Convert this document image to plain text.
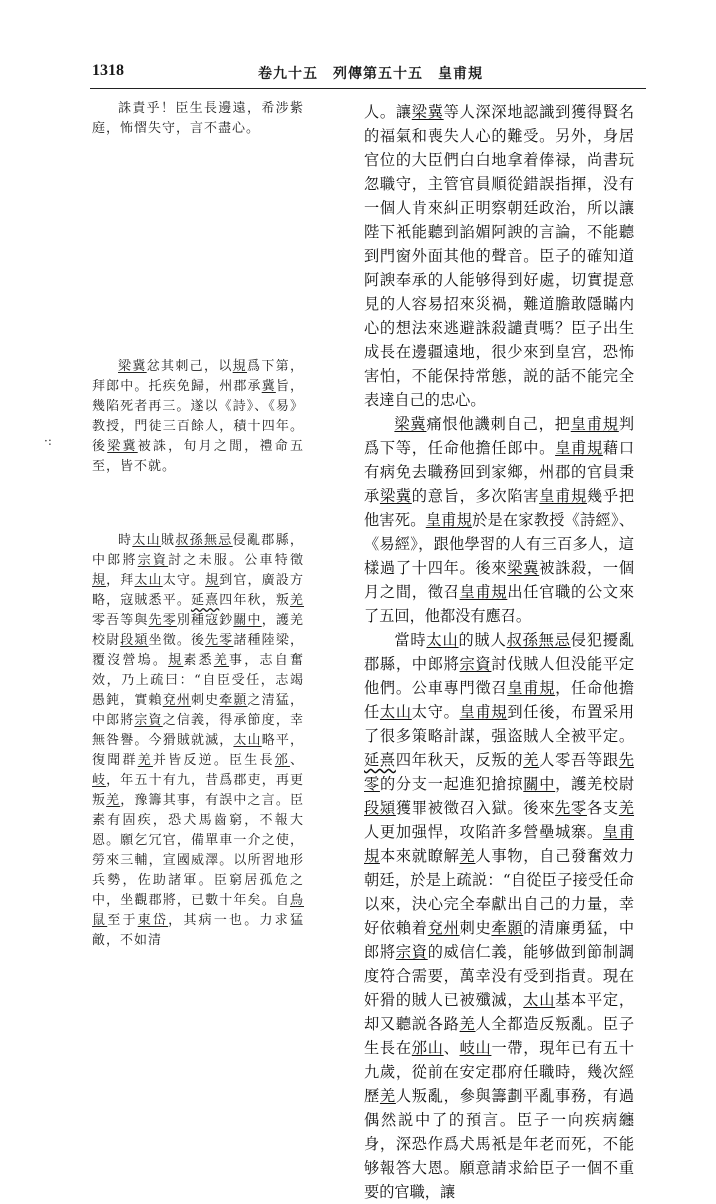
1318	卷九十五　列傳第五十五　皇甫規
·:

誅責乎！臣生長邊遠，希涉紫庭，怖慴失守，言不盡心。

梁冀忿其刺己，以規爲下第，拜郎中。托疾免歸，州郡承冀旨，幾陷死者再三。遂以《詩》、《易》教授，門徒三百餘人，積十四年。後梁冀被誅，旬月之閒，禮命五至，皆不就。

時太山賊叔孫無忌侵亂郡縣，中郎將宗資討之未服。公車特徵規，拜太山太守。規到官，廣設方略，寇賊悉平。延熹四年秋，叛羌零吾等與先零別種寇鈔關中，護羌校尉段熲坐徵。後先零諸種陸梁，覆沒營塢。規素悉羌事，志自奮效，乃上疏曰：“自臣受任，志竭愚鈍，實賴兗州刺史牽顥之清猛，中郎將宗資之信義，得承節度，幸無咎譽。今猾賊就滅，太山略平，復聞群羌并皆反逆。臣生長邠、岐，年五十有九，昔爲郡吏，再更叛羌，豫籌其事，有誤中之言。臣素有固疾，恐犬馬齒窮，不報大恩。願乞冗官，備單車一介之使，勞來三輔，宣國威澤。以所習地形兵勢，佐助諸軍。臣窮居孤危之中，坐觀郡將，已數十年矣。自鳥鼠至于東岱，其病一也。力求猛敵，不如清

人。讓梁冀等人深深地認識到獲得賢名的福氣和喪失人心的難受。另外，身居官位的大臣們白白地拿着俸禄，尚書玩忽職守，主管官員順從錯誤指揮，没有一個人肯來糾正明察朝廷政治，所以讓陛下衹能聽到諂媚阿諛的言論，不能聽到門窗外面其他的聲音。臣子的確知道阿諛奉承的人能够得到好處，切實提意見的人容易招來災禍，難道膽敢隱瞞内心的想法來逃避誅殺譴責嗎？臣子出生成長在邊疆遠地，很少來到皇宫，恐怖害怕，不能保持常態，説的話不能完全表達自己的忠心。

梁冀痛恨他譏刺自己，把皇甫規判爲下等，任命他擔任郎中。皇甫規藉口有病免去職務回到家鄉，州郡的官員秉承梁冀的意旨，多次陷害皇甫規幾乎把他害死。皇甫規於是在家教授《詩經》、《易經》，跟他學習的人有三百多人，這樣過了十四年。後來梁冀被誅殺，一個月之間，徵召皇甫規出任官職的公文來了五回，他都没有應召。

當時太山的賊人叔孫無忌侵犯擾亂郡縣，中郎將宗資討伐賊人但没能平定他們。公車專門徵召皇甫規，任命他擔任太山太守。皇甫規到任後，布置采用了很多策略計謀，强盗賊人全被平定。延熹四年秋天，反叛的羌人零吾等跟先零的分支一起進犯搶掠關中，護羌校尉段熲獲罪被徵召入獄。後來先零各支羌人更加强悍，攻陷許多營壘城寨。皇甫規本來就瞭解羌人事物，自己發奮效力朝廷，於是上疏説：“自從臣子接受任命以來，決心完全奉獻出自己的力量，幸好依賴着兗州刺史牽顥的清廉勇猛，中郎將宗資的威信仁義，能够做到節制調度符合需要，萬幸没有受到指責。現在奸猾的賊人已被殲滅，太山基本平定，却又聽説各路羌人全都造反叛亂。臣子生長在邠山、岐山一帶，現年已有五十九歲，從前在安定郡府任職時，幾次經歷羌人叛亂，參與籌劃平亂事務，有過偶然説中了的預言。臣子一向疾病纏身，深恐作爲犬馬衹是年老而死，不能够報答大恩。願意請求給臣子一個不重要的官職，讓
